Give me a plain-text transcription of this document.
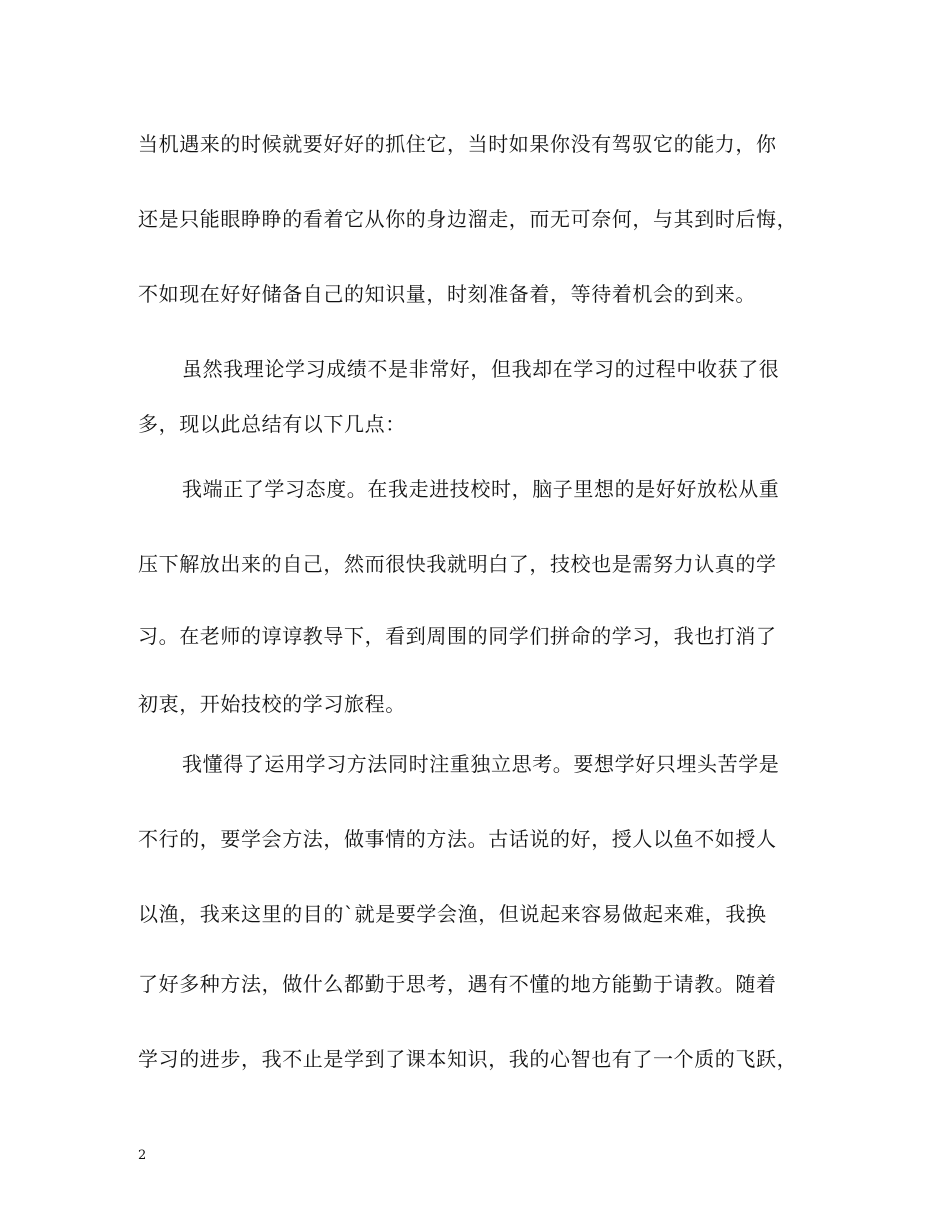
当机遇来的时候就要好好的抓住它，当时如果你没有驾驭它的能力，你
还是只能眼睁睁的看着它从你的身边溜走，而无可奈何，与其到时后悔，
不如现在好好储备自己的知识量，时刻准备着，等待着机会的到来。
虽然我理论学习成绩不是非常好，但我却在学习的过程中收获了很
多，现以此总结有以下几点：
我端正了学习态度。在我走进技校时，脑子里想的是好好放松从重
压下解放出来的自己，然而很快我就明白了，技校也是需努力认真的学
习。在老师的谆谆教导下，看到周围的同学们拼命的学习，我也打消了
初衷，开始技校的学习旅程。
我懂得了运用学习方法同时注重独立思考。要想学好只埋头苦学是
不行的，要学会方法，做事情的方法。古话说的好，授人以鱼不如授人
以渔，我来这里的目的`就是要学会渔，但说起来容易做起来难，我换
了好多种方法，做什么都勤于思考，遇有不懂的地方能勤于请教。随着
学习的进步，我不止是学到了课本知识，我的心智也有了一个质的飞跃，
2
